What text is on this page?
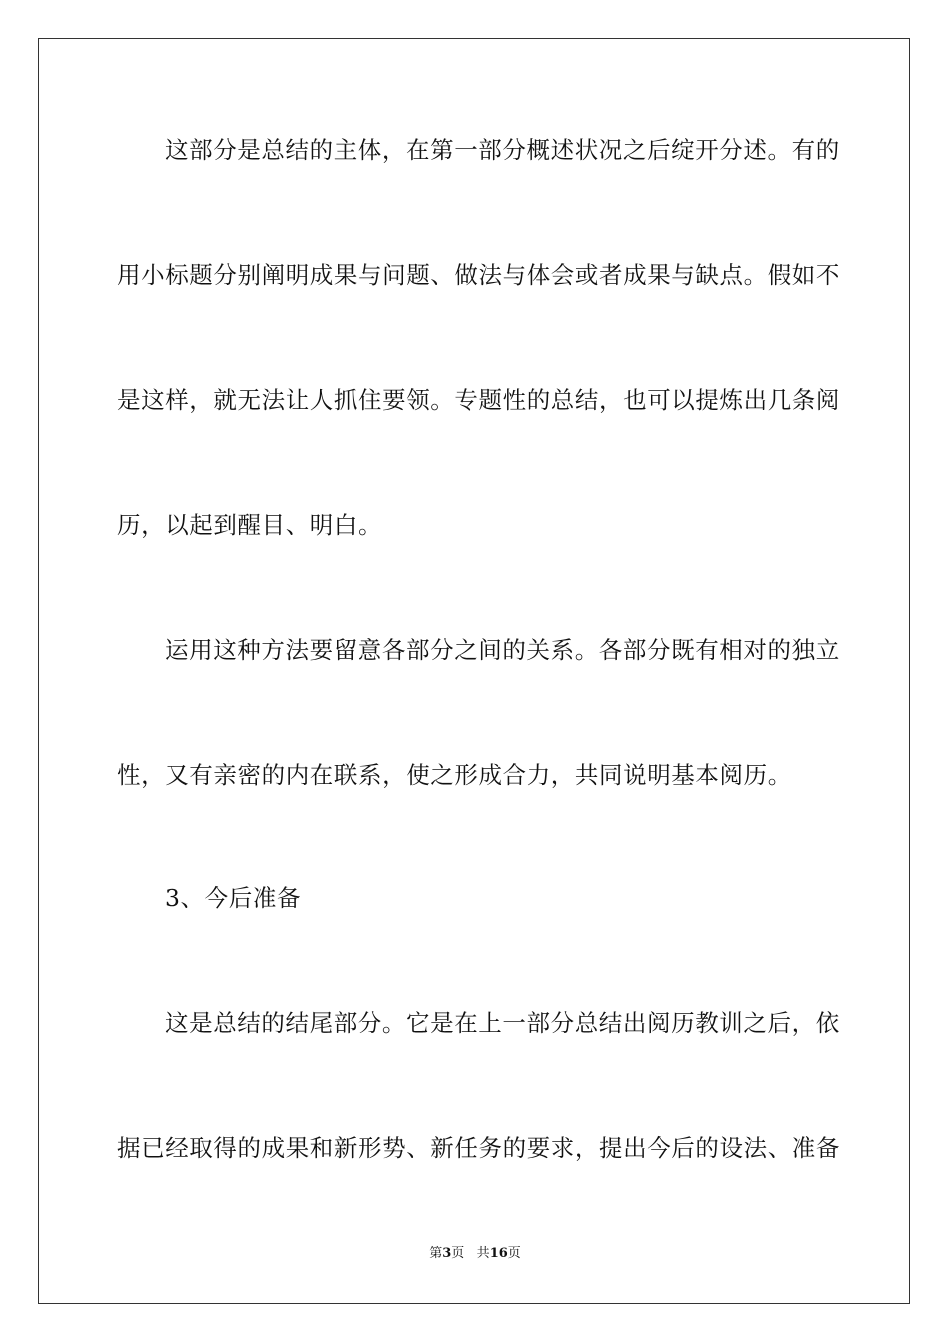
这部分是总结的主体，在第一部分概述状况之后绽开分述。有的
用小标题分别阐明成果与问题、做法与体会或者成果与缺点。假如不
是这样，就无法让人抓住要领。专题性的总结，也可以提炼出几条阅
历，以起到醒目、明白。
运用这种方法要留意各部分之间的关系。各部分既有相对的独立
性，又有亲密的内在联系，使之形成合力，共同说明基本阅历。
3、今后准备
这是总结的结尾部分。它是在上一部分总结出阅历教训之后，依
据已经取得的成果和新形势、新任务的要求，提出今后的设法、准备
第3页 共16页
